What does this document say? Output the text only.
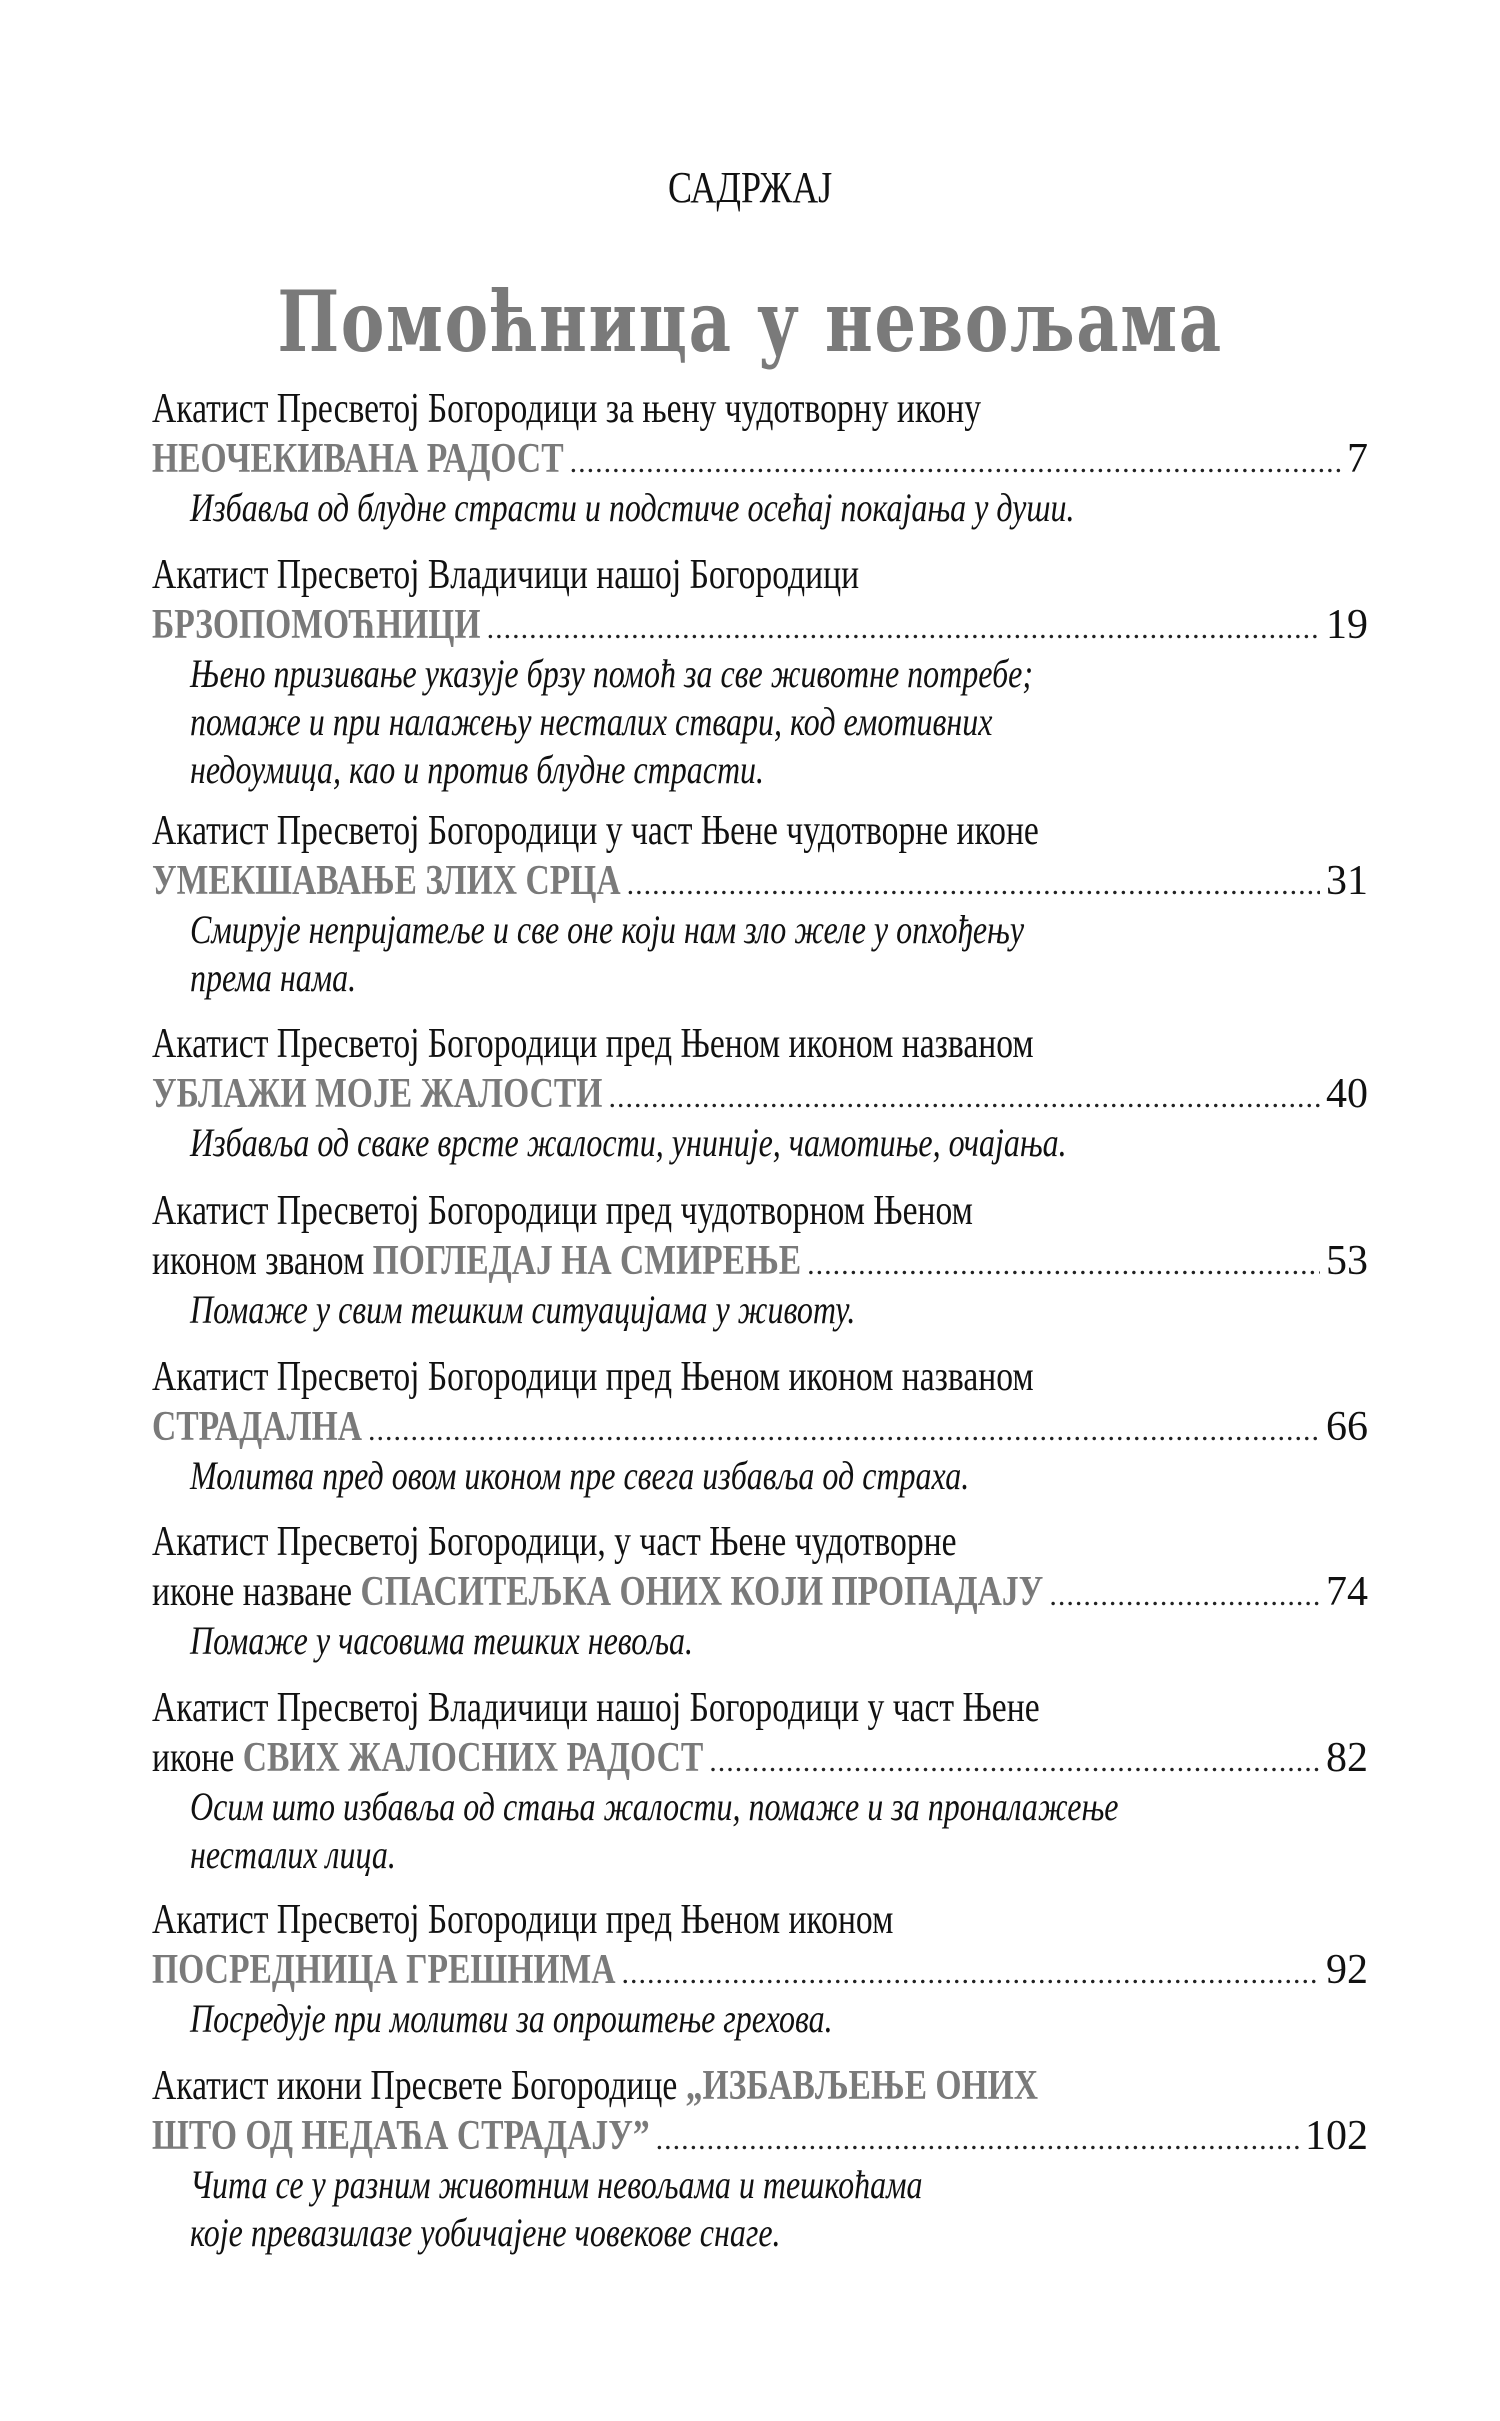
САДРЖАЈ
Помоћница у невољама
Акатист Пресветој Богородици за њену чудотворну икону
НЕОЧЕКИВАНА РАДОСТ .....	7
Избавља од блудне страсти и подстиче осећај покајања у души.
Акатист Пресветој Владичици нашој Богородици
БРЗОПОМОЋНИЦИ .....	19
Њено призивање указује брзу помоћ за све животне потребе;
помаже и при налажењу несталих ствари, код емотивних
недоумица, као и против блудне страсти.
Акатист Пресветој Богородици у част Њене чудотворне иконе
УМЕКШАВАЊЕ ЗЛИХ СРЦА .....	31
Смирује непријатеље и све оне који нам зло желе у опхођењу
према нама.
Акатист Пресветој Богородици пред Њеном иконом названом
УБЛАЖИ МОЈЕ ЖАЛОСТИ .....	40
Избавља од сваке врсте жалости, униније, чамотиње, очајања.
Акатист Пресветој Богородици пред чудотворном Њеном
иконом званом ПОГЛЕДАЈ НА СМИРЕЊЕ .....	53
Помаже у свим тешким ситуацијама у животу.
Акатист Пресветој Богородици пред Њеном иконом названом
СТРАДАЛНА .....	66
Молитва пред овом иконом пре свега избавља од страха.
Акатист Пресветој Богородици, у част Њене чудотворне
иконе назване СПАСИТЕЉКА ОНИХ КОЈИ ПРОПАДАЈУ .....	74
Помаже у часовима тешких невоља.
Акатист Пресветој Владичици нашој Богородици у част Њене
иконе СВИХ ЖАЛОСНИХ РАДОСТ .....	82
Осим што избавља од стања жалости, помаже и за проналажење
несталих лица.
Акатист Пресветој Богородици пред Њеном иконом
ПОСРЕДНИЦА ГРЕШНИМА .....	92
Посредује при молитви за опроштење грехова.
Акатист икони Пресвете Богородице „ИЗБАВЉЕЊЕ ОНИХ
ШТО ОД НЕДАЋА СТРАДАЈУ” .....	102
Чита се у разним животним невољама и тешкоћама
које превазилазе уобичајене човекове снаге.
